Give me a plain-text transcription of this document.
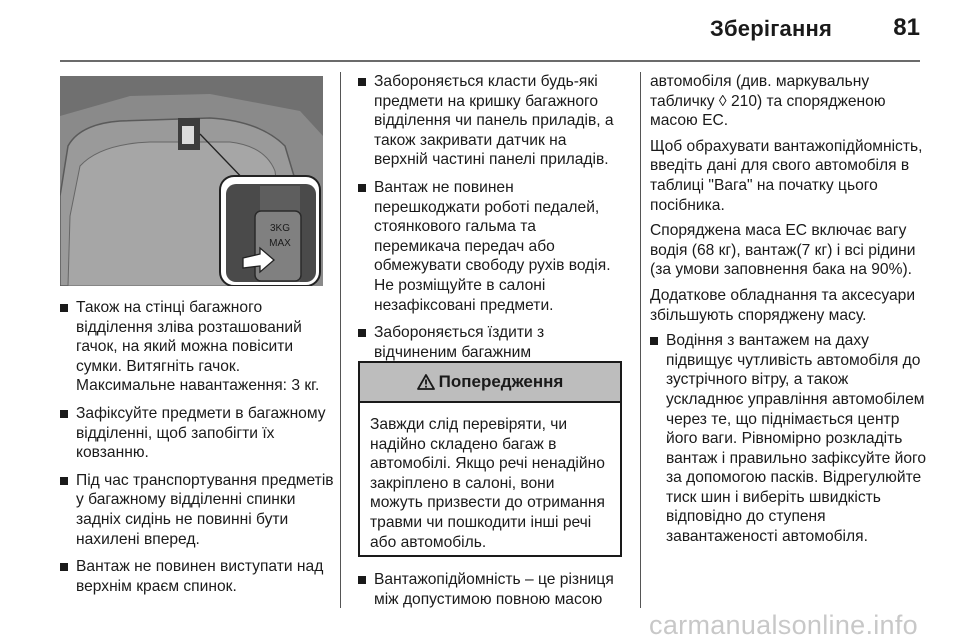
Зберігання	81
3KG
MAX
Також на стінці багажного відділення зліва розташований гачок, на який можна повісити сумки. Витягніть гачок. Максимальне навантаження: 3 кг.
Зафіксуйте предмети в багажному відділенні, щоб запобігти їх ковзанню.
Під час транспортування предметів у багажному відділенні спинки задніх сидінь не повинні бути нахилені вперед.
Вантаж не повинен виступати над верхнім краєм спинок.
Забороняється класти будь-які предмети на кришку багажного відділення чи панель приладів, а також закривати датчик на верхній частині панелі приладів.
Вантаж не повинен перешкоджати роботі педалей, стоянкового гальма та перемикача передач або обмежувати свободу рухів водія. Не розміщуйте в салоні незафіксовані предмети.
Забороняється їздити з відчиненим багажним
Попередження
Завжди слід перевіряти, чи надійно складено багаж в автомобілі. Якщо речі ненадійно закріплено в салоні, вони можуть призвести до отримання травми чи пошкодити інші речі або автомобіль.
Вантажопідйомність – це різниця між допустимою повною масою

автомобіля (див. маркувальну табличку ◊ 210) та спорядженою масою ЕС.

Щоб обрахувати вантажопідйомність, введіть дані для свого автомобіля в таблиці "Вага" на початку цього посібника.

Споряджена маса ЕС включає вагу водія (68 кг), вантаж(7 кг) і всі рідини (за умови заповнення бака на 90%).

Додаткове обладнання та аксесуари збільшують споряджену масу.

Водіння з вантажем на даху підвищує чутливість автомобіля до зустрічного вітру, а також ускладнює управління автомобілем через те, що піднімається центр його ваги. Рівномірно розкладіть вантаж і правильно зафіксуйте його за допомогою пасків. Відрегулюйте тиск шин і виберіть швидкість відповідно до ступеня завантаженості автомобіля.
carmanualsonline.info
